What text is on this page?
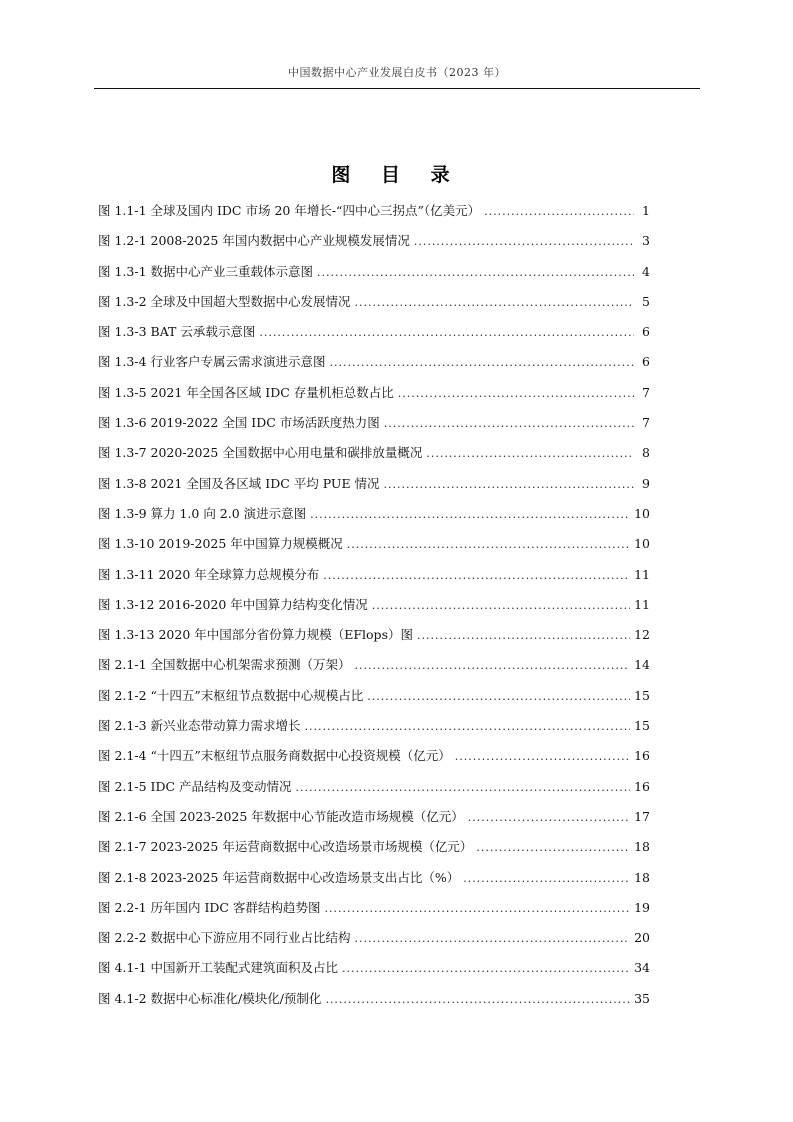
中国数据中心产业发展白皮书（2023 年）
图 目 录
图 1.1-1 全球及国内 IDC 市场 20 年增长-“四中心三拐点”（亿美元） .....	1
图 1.2-1 2008-2025 年国内数据中心产业规模发展情况 .....	3
图 1.3-1 数据中心产业三重载体示意图 .....	4
图 1.3-2 全球及中国超大型数据中心发展情况 .....	5
图 1.3-3 BAT 云承载示意图 .....	6
图 1.3-4 行业客户专属云需求演进示意图 .....	6
图 1.3-5 2021 年全国各区域 IDC 存量机柜总数占比 .....	7
图 1.3-6 2019-2022 全国 IDC 市场活跃度热力图 .....	7
图 1.3-7 2020-2025 全国数据中心用电量和碳排放量概况 .....	8
图 1.3-8 2021 全国及各区域 IDC 平均 PUE 情况 .....	9
图 1.3-9 算力 1.0 向 2.0 演进示意图 .....	10
图 1.3-10 2019-2025 年中国算力规模概况 .....	10
图 1.3-11 2020 年全球算力总规模分布 .....	11
图 1.3-12 2016-2020 年中国算力结构变化情况 .....	11
图 1.3-13 2020 年中国部分省份算力规模（EFlops）图 .....	12
图 2.1-1 全国数据中心机架需求预测（万架） .....	14
图 2.1-2 “十四五”末枢纽节点数据中心规模占比 .....	15
图 2.1-3 新兴业态带动算力需求增长 .....	15
图 2.1-4 “十四五”末枢纽节点服务商数据中心投资规模（亿元） .....	16
图 2.1-5 IDC 产品结构及变动情况 .....	16
图 2.1-6 全国 2023-2025 年数据中心节能改造市场规模（亿元） .....	17
图 2.1-7 2023-2025 年运营商数据中心改造场景市场规模（亿元） .....	18
图 2.1-8 2023-2025 年运营商数据中心改造场景支出占比（%） .....	18
图 2.2-1 历年国内 IDC 客群结构趋势图 .....	19
图 2.2-2 数据中心下游应用不同行业占比结构 .....	20
图 4.1-1 中国新开工装配式建筑面积及占比 .....	34
图 4.1-2 数据中心标准化/模块化/预制化 .....	35
